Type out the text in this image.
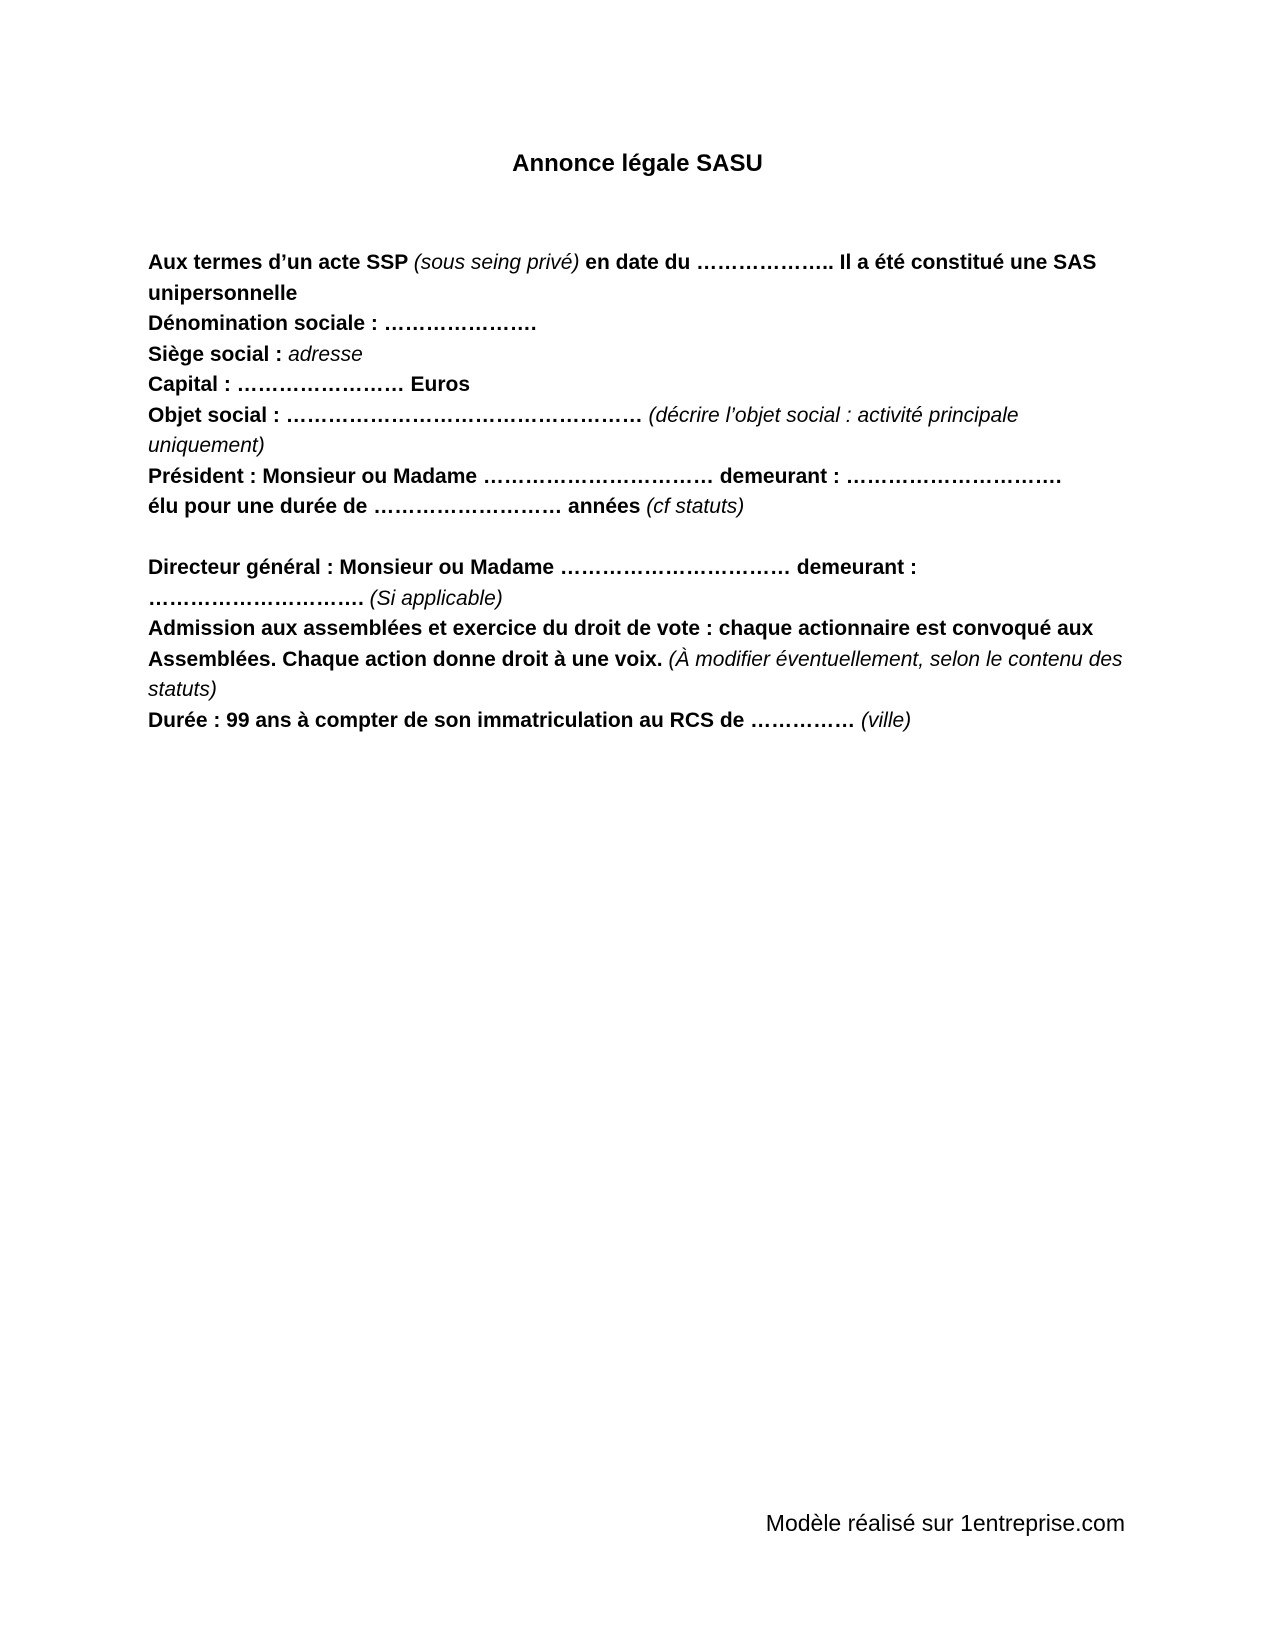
Annonce légale SASU

Aux termes d’un acte SSP (sous seing privé) en date du ……………….. Il a été constitué une SAS unipersonnelle

Dénomination sociale : ………………….

Siège social : adresse

Capital : …………………… Euros

Objet social : …………………………………………… (décrire l’objet social : activité principale uniquement)

Président : Monsieur ou Madame …………………………… demeurant : ………………………….

élu pour une durée de ……………………… années (cf statuts)

Directeur général : Monsieur ou Madame …………………………… demeurant : …………………………. (Si applicable)

Admission aux assemblées et exercice du droit de vote : chaque actionnaire est convoqué aux Assemblées. Chaque action donne droit à une voix. (À modifier éventuellement, selon le contenu des statuts)

Durée : 99 ans à compter de son immatriculation au RCS de …………… (ville)

Modèle réalisé sur 1entreprise.com
